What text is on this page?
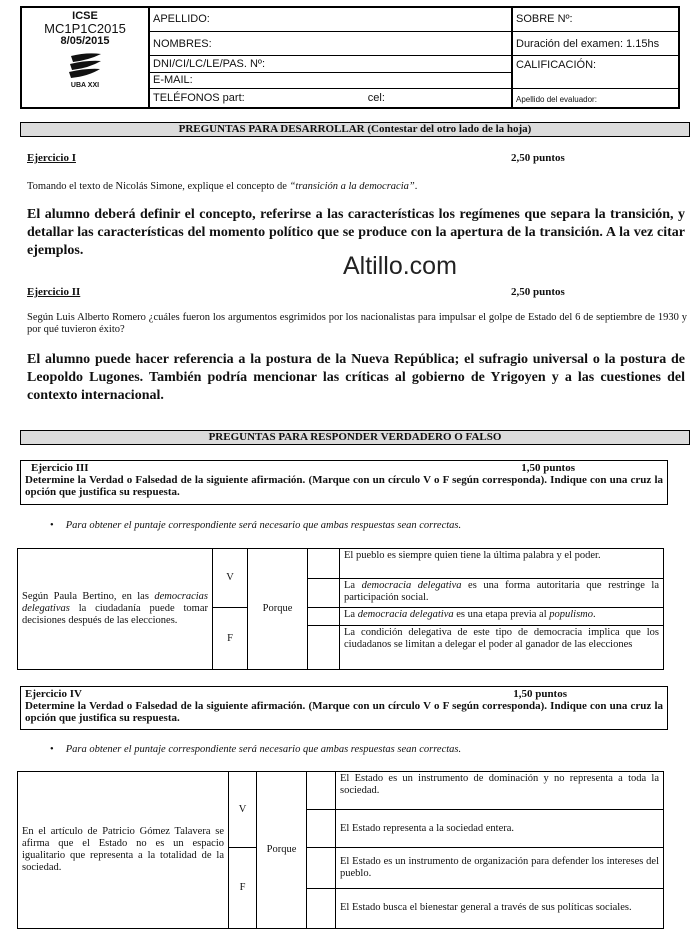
ICSE
MC1P1C2015
8/05/2015
UBA XXI	APELLIDO:	SOBRE Nº:
	NOMBRES:	Duración del examen: 1.15hs
	DNI/CI/LC/LE/PAS. Nº:	CALIFICACIÓN:
	E-MAIL:	
	TELÉFONOS part: cel:	Apellido del evaluador:
PREGUNTAS PARA DESARROLLAR (Contestar del otro lado de la hoja)
Ejercicio I	2,50 puntos
Tomando el texto de Nicolás Simone, explique el concepto de “transición a la democracia”.
El alumno deberá definir el concepto, referirse a las características los regímenes que separa la transición, y detallar las características del momento político que se produce con la apertura de la transición. A la vez citar ejemplos.
Altillo.com
Ejercicio II	2,50 puntos
Según Luis Alberto Romero ¿cuáles fueron los argumentos esgrimidos por los nacionalistas para impulsar el golpe de Estado del 6 de septiembre de 1930 y por qué tuvieron éxito?
El alumno puede hacer referencia a la postura de la Nueva República; el sufragio universal o la postura de Leopoldo Lugones. También podría mencionar las críticas al gobierno de Yrigoyen y a las cuestiones del contexto internacional.
PREGUNTAS PARA RESPONDER VERDADERO O FALSO
Ejercicio III	1,50 puntos
Determine la Verdad o Falsedad de la siguiente afirmación. (Marque con un círculo V o F según corresponda). Indique con una cruz la opción que justifica su respuesta.
• Para obtener el puntaje correspondiente será necesario que ambas respuestas sean correctas.
Según Paula Bertino, en las democracias delegativas la ciudadanía puede tomar decisiones después de las elecciones.	V	Porque		El pueblo es siempre quien tiene la última palabra y el poder.
				La democracia delegativa es una forma autoritaria que restringe la participación social.
	F			La democracia delegativa es una etapa previa al populismo.
				La condición delegativa de este tipo de democracia implica que los ciudadanos se limitan a delegar el poder al ganador de las elecciones
Ejercicio IV	1,50 puntos
Determine la Verdad o Falsedad de la siguiente afirmación. (Marque con un círculo V o F según corresponda). Indique con una cruz la opción que justifica su respuesta.
• Para obtener el puntaje correspondiente será necesario que ambas respuestas sean correctas.
En el artículo de Patricio Gómez Talavera se afirma que el Estado no es un espacio igualitario que representa a la totalidad de la sociedad.	V	Porque		El Estado es un instrumento de dominación y no representa a toda la sociedad.
				El Estado representa a la sociedad entera.
	F			El Estado es un instrumento de organización para defender los intereses del pueblo.
				El Estado busca el bienestar general a través de sus políticas sociales.
